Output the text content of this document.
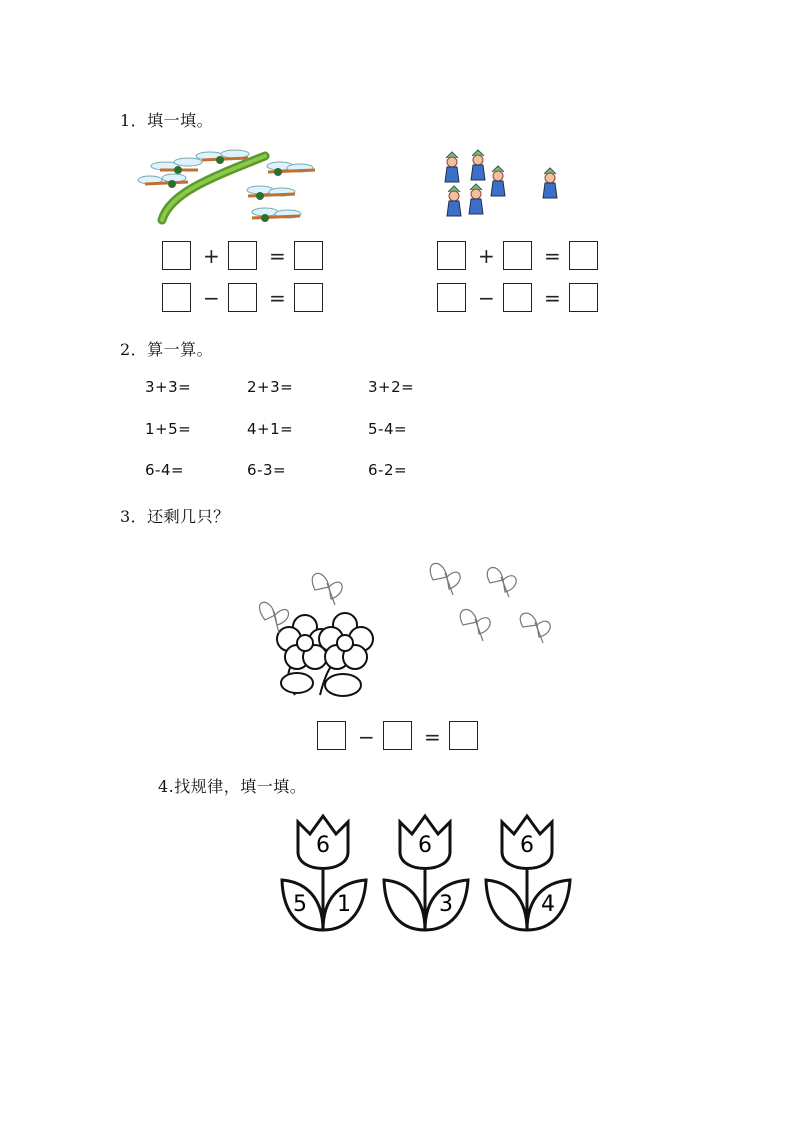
1．填一填。
+ =
− =
+ =
− =
2．算一算。
3+3=	2+3=	3+2=
1+5=	4+1=	5-4=
6-4=	6-3=	6-2=
3．还剩几只？
− =
4.找规律，填一填。
6
5 1
6
3
6
4
